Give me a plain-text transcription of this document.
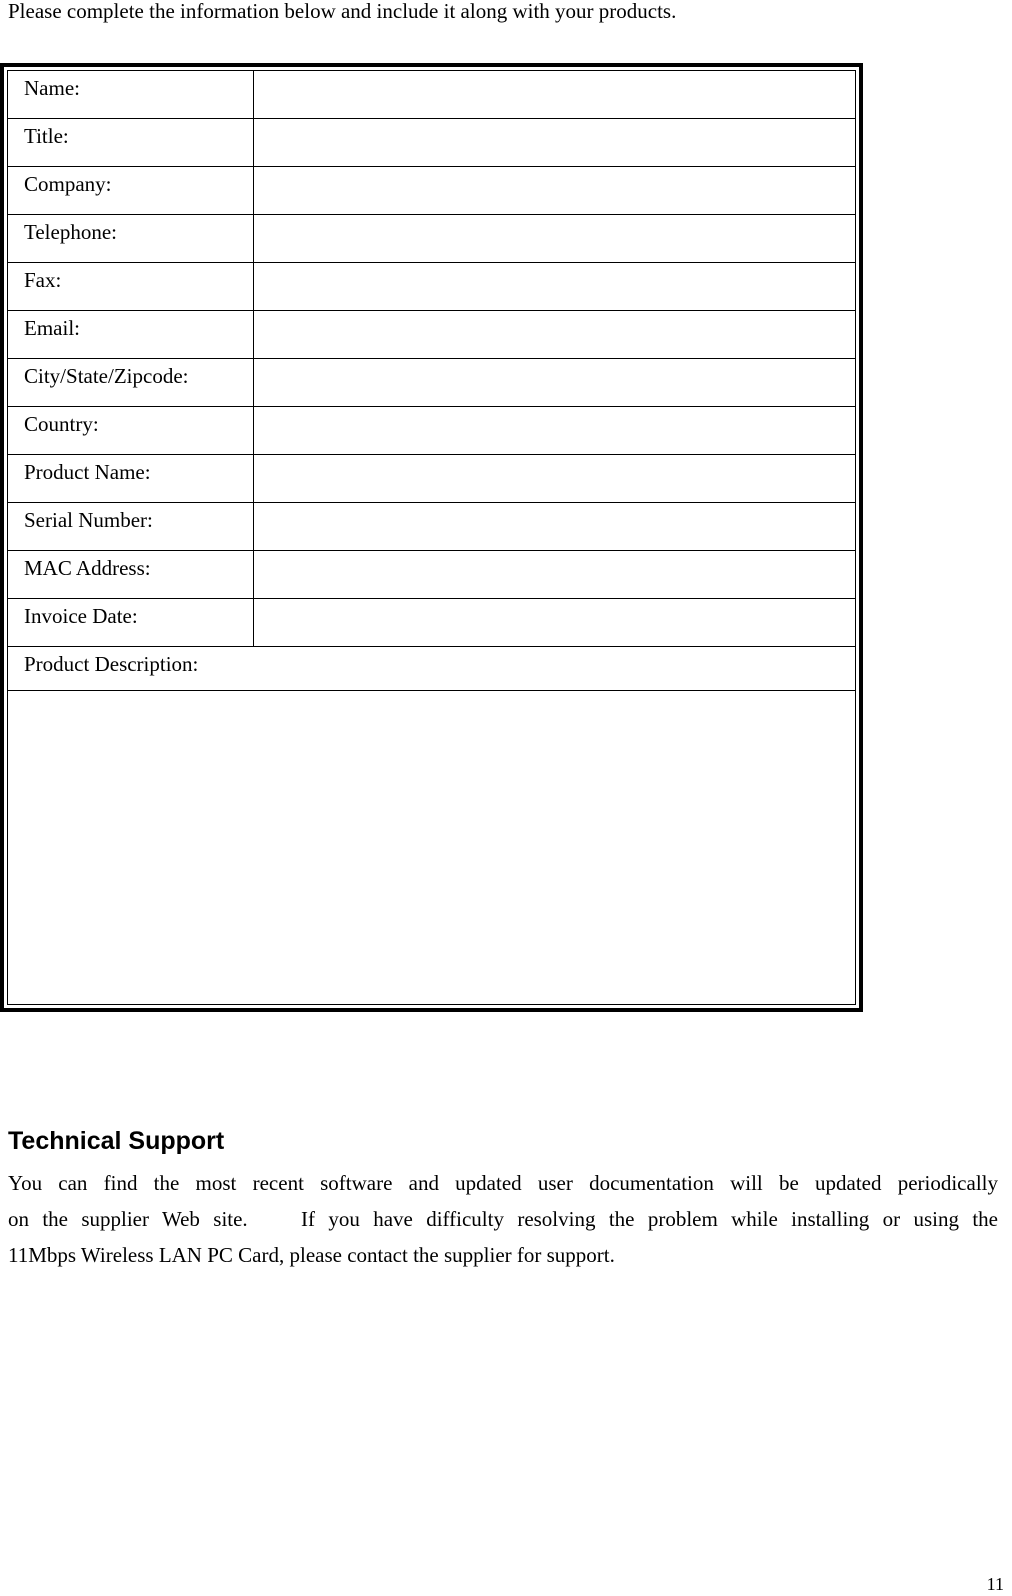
Please complete the information below and include it along with your products.
Name:
Title:
Company:
Telephone:
Fax:
Email:
City/State/Zipcode:
Country:
Product Name:
Serial Number:
MAC Address:
Invoice Date:
Product Description:
Technical Support
You can find the most recent software and updated user documentation will be updated periodically
on the supplier Web site.    If you have difficulty resolving the problem while installing or using the
11Mbps Wireless LAN PC Card, please contact the supplier for support.
11
